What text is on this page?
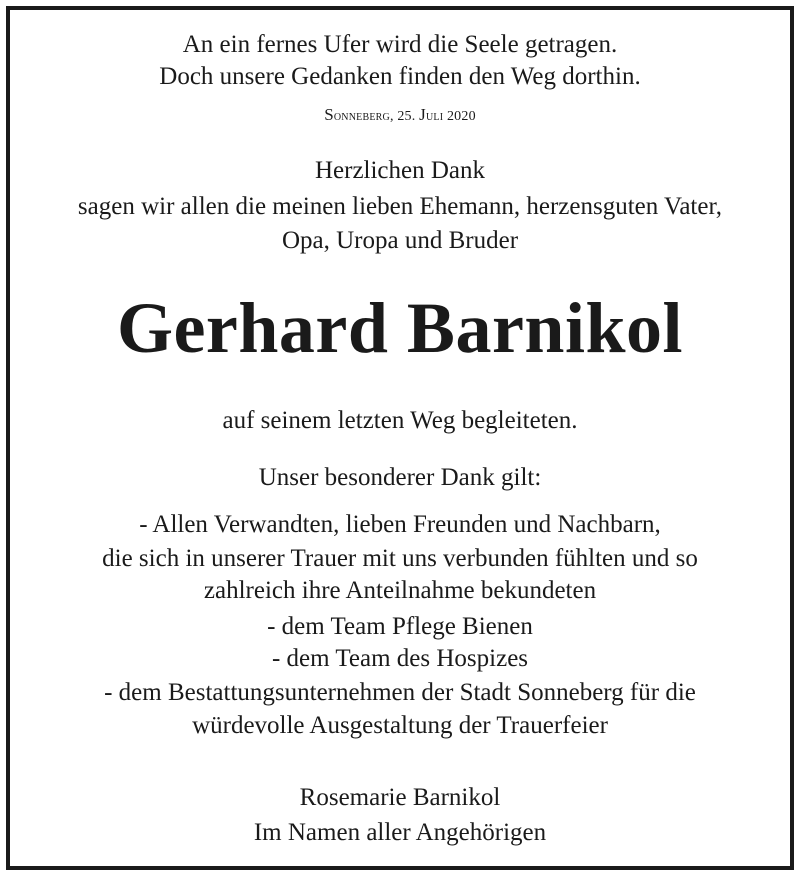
An ein fernes Ufer wird die Seele getragen.
Doch unsere Gedanken finden den Weg dorthin.
Sonneberg, 25. Juli 2020
Herzlichen Dank
sagen wir allen die meinen lieben Ehemann, herzensguten Vater,
Opa, Uropa und Bruder
Gerhard Barnikol
auf seinem letzten Weg begleiteten.
Unser besonderer Dank gilt:
- Allen Verwandten, lieben Freunden und Nachbarn,
die sich in unserer Trauer mit uns verbunden fühlten und so
zahlreich ihre Anteilnahme bekundeten
- dem Team Pflege Bienen
- dem Team des Hospizes
- dem Bestattungsunternehmen der Stadt Sonneberg für die
würdevolle Ausgestaltung der Trauerfeier
Rosemarie Barnikol
Im Namen aller Angehörigen
